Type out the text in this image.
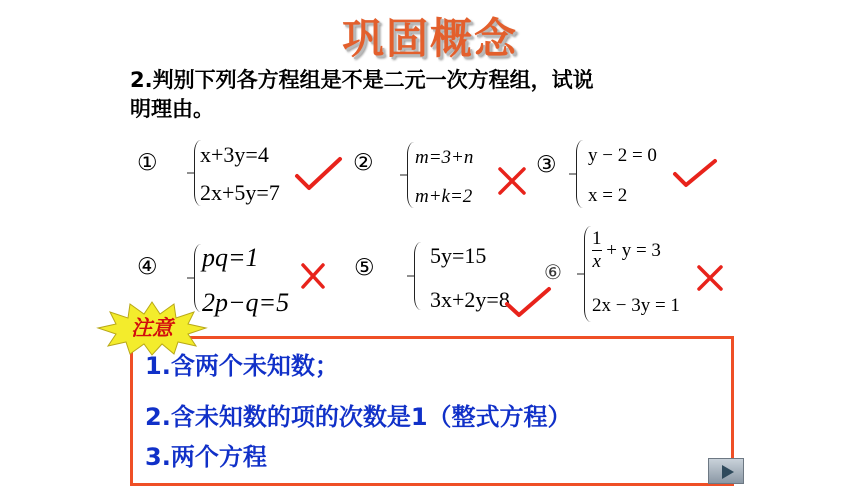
巩固概念
2.判别下列各方程组是不是二元一次方程组，试说
明理由。
① x+3y=4
2x+5y=7
② m=3+n
m+k=2
③ y − 2 = 0
x = 2
④ pq=1
2p−q=5
⑤	5y=15
3x+2y=8
⑥ $\frac{1}{x} + y = 3$
2x − 3y = 1
注意
1.含两个未知数；
2.含未知数的项的次数是1（整式方程）
3.两个方程
